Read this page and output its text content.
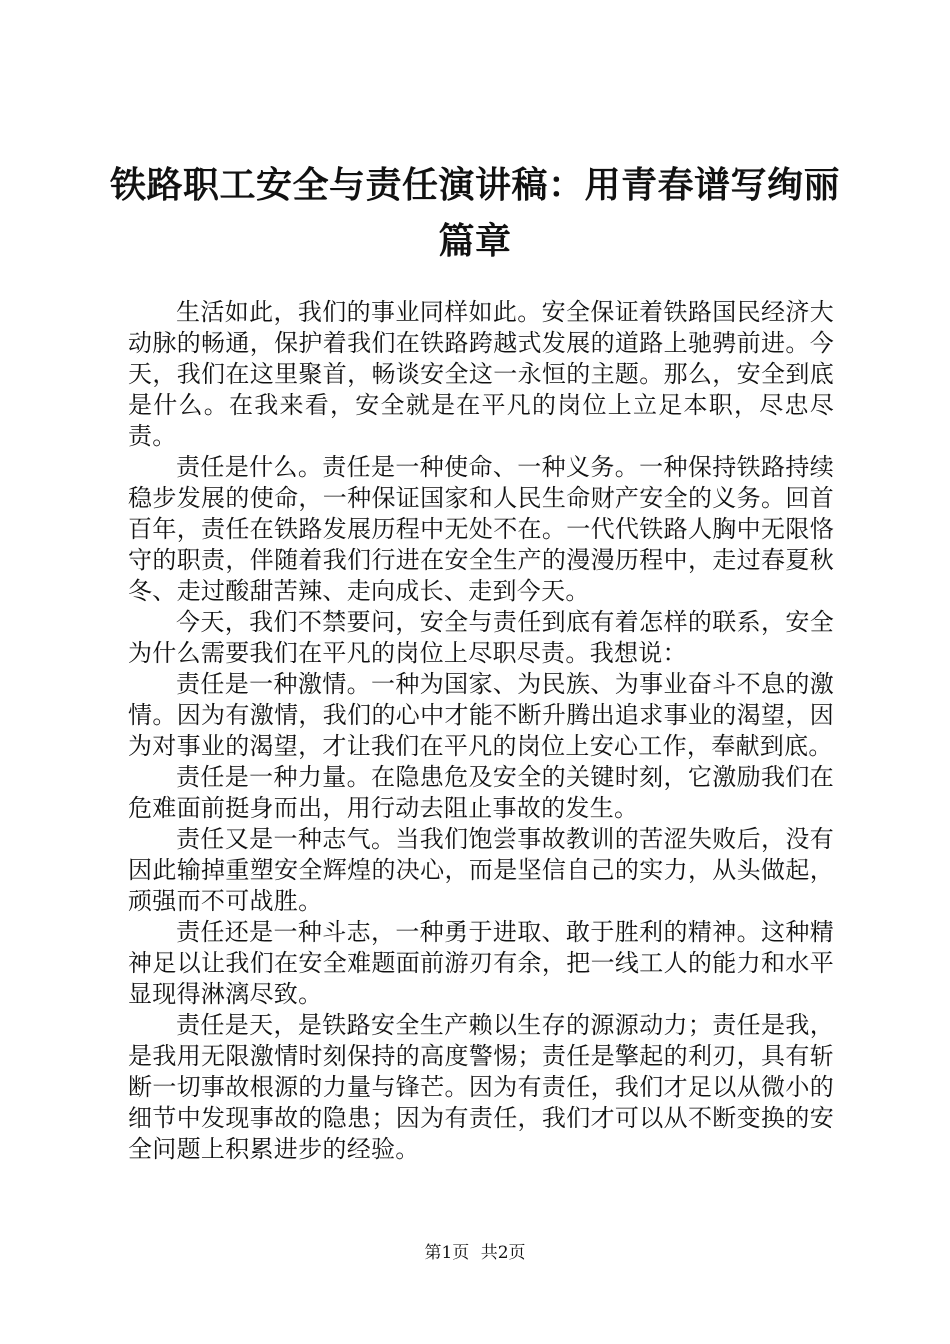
铁路职工安全与责任演讲稿：用青春谱写绚丽篇章

生活如此，我们的事业同样如此。安全保证着铁路国民经济大动脉的畅通，保护着我们在铁路跨越式发展的道路上驰骋前进。今天，我们在这里聚首，畅谈安全这一永恒的主题。那么，安全到底是什么。在我来看，安全就是在平凡的岗位上立足本职，尽忠尽责。

责任是什么。责任是一种使命、一种义务。一种保持铁路持续稳步发展的使命，一种保证国家和人民生命财产安全的义务。回首百年，责任在铁路发展历程中无处不在。一代代铁路人胸中无限恪守的职责，伴随着我们行进在安全生产的漫漫历程中，走过春夏秋冬、走过酸甜苦辣、走向成长、走到今天。

今天，我们不禁要问，安全与责任到底有着怎样的联系，安全为什么需要我们在平凡的岗位上尽职尽责。我想说：

责任是一种激情。一种为国家、为民族、为事业奋斗不息的激情。因为有激情，我们的心中才能不断升腾出追求事业的渴望，因为对事业的渴望，才让我们在平凡的岗位上安心工作，奉献到底。

责任是一种力量。在隐患危及安全的关键时刻，它激励我们在危难面前挺身而出，用行动去阻止事故的发生。

责任又是一种志气。当我们饱尝事故教训的苦涩失败后，没有因此输掉重塑安全辉煌的决心，而是坚信自己的实力，从头做起，顽强而不可战胜。

责任还是一种斗志，一种勇于进取、敢于胜利的精神。这种精神足以让我们在安全难题面前游刃有余，把一线工人的能力和水平显现得淋漓尽致。

责任是天，是铁路安全生产赖以生存的源源动力；责任是我，是我用无限激情时刻保持的高度警惕；责任是擎起的利刃，具有斩断一切事故根源的力量与锋芒。因为有责任，我们才足以从微小的细节中发现事故的隐患；因为有责任，我们才可以从不断变换的安全问题上积累进步的经验。

第1页 共2页
